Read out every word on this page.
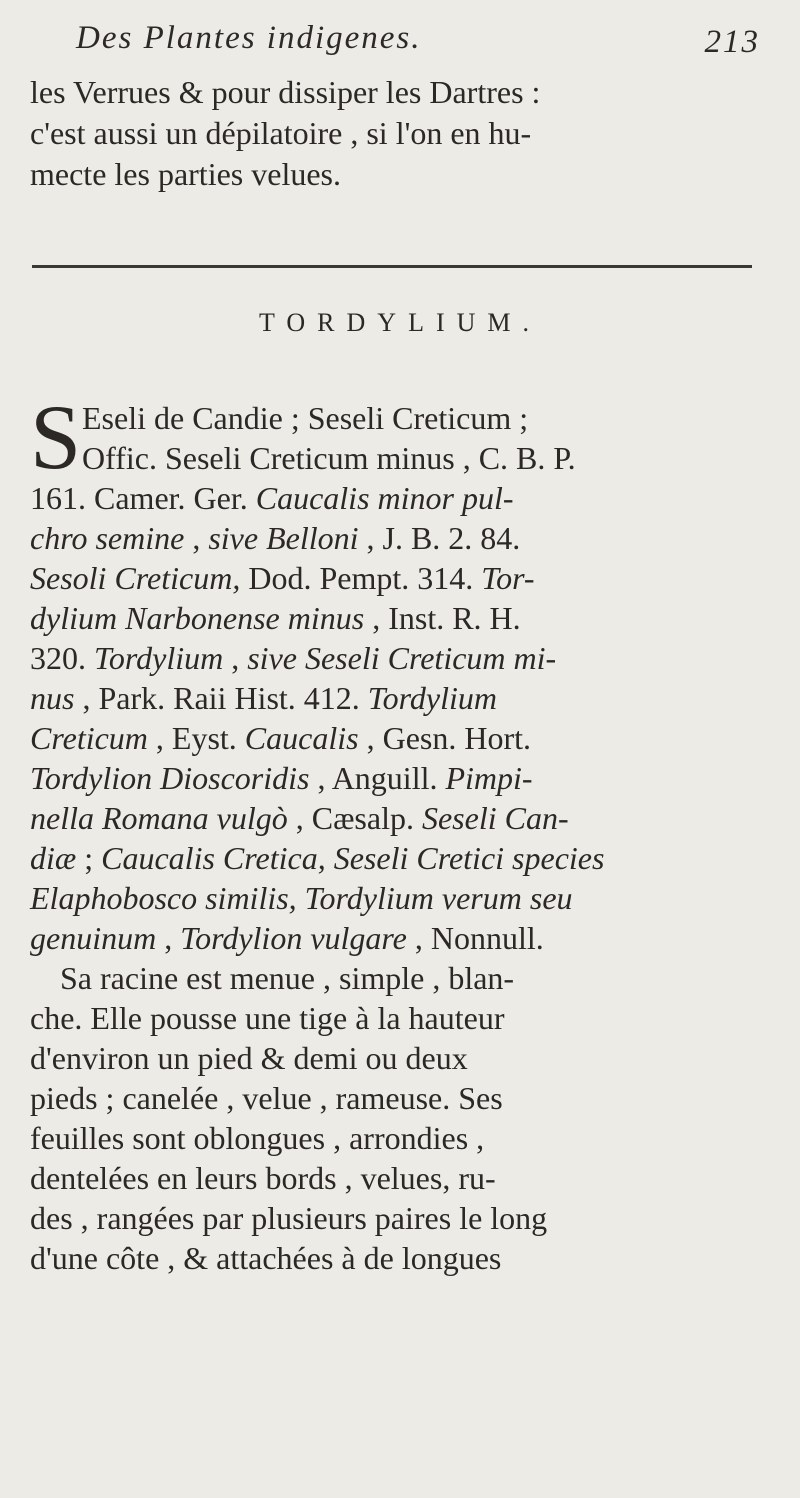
Des Plantes indigenes.	213
les Verrues & pour dissiper les Dartres :
c'est aussi un dépilatoire , si l'on en hu-
mecte les parties velues.
TORDYLIUM.
S Eseli de Candie ; Seseli Creticum ;
Offic. Seseli Creticum minus , C. B. P.
161. Camer. Ger. Caucalis minor pul-
chro semine , sive Belloni , J. B. 2. 84.
Sesoli Creticum, Dod. Pempt. 314. Tor-
dylium Narbonense minus , Inst. R. H.
320. Tordylium , sive Seseli Creticum mi-
nus , Park. Raii Hist. 412. Tordylium
Creticum , Eyst. Caucalis , Gesn. Hort.
Tordylion Dioscoridis , Anguill. Pimpi-
nella Romana vulgò , Cæsalp. Seseli Can-
diæ ; Caucalis Cretica, Seseli Cretici species
Elaphobosco similis, Tordylium verum seu
genuinum , Tordylion vulgare , Nonnull.
Sa racine est menue , simple , blan-
che. Elle pousse une tige à la hauteur
d'environ un pied & demi ou deux
pieds ; canelée , velue , rameuse. Ses
feuilles sont oblongues , arrondies ,
dentelées en leurs bords , velues, ru-
des , rangées par plusieurs paires le long
d'une côte , & attachées à de longues
